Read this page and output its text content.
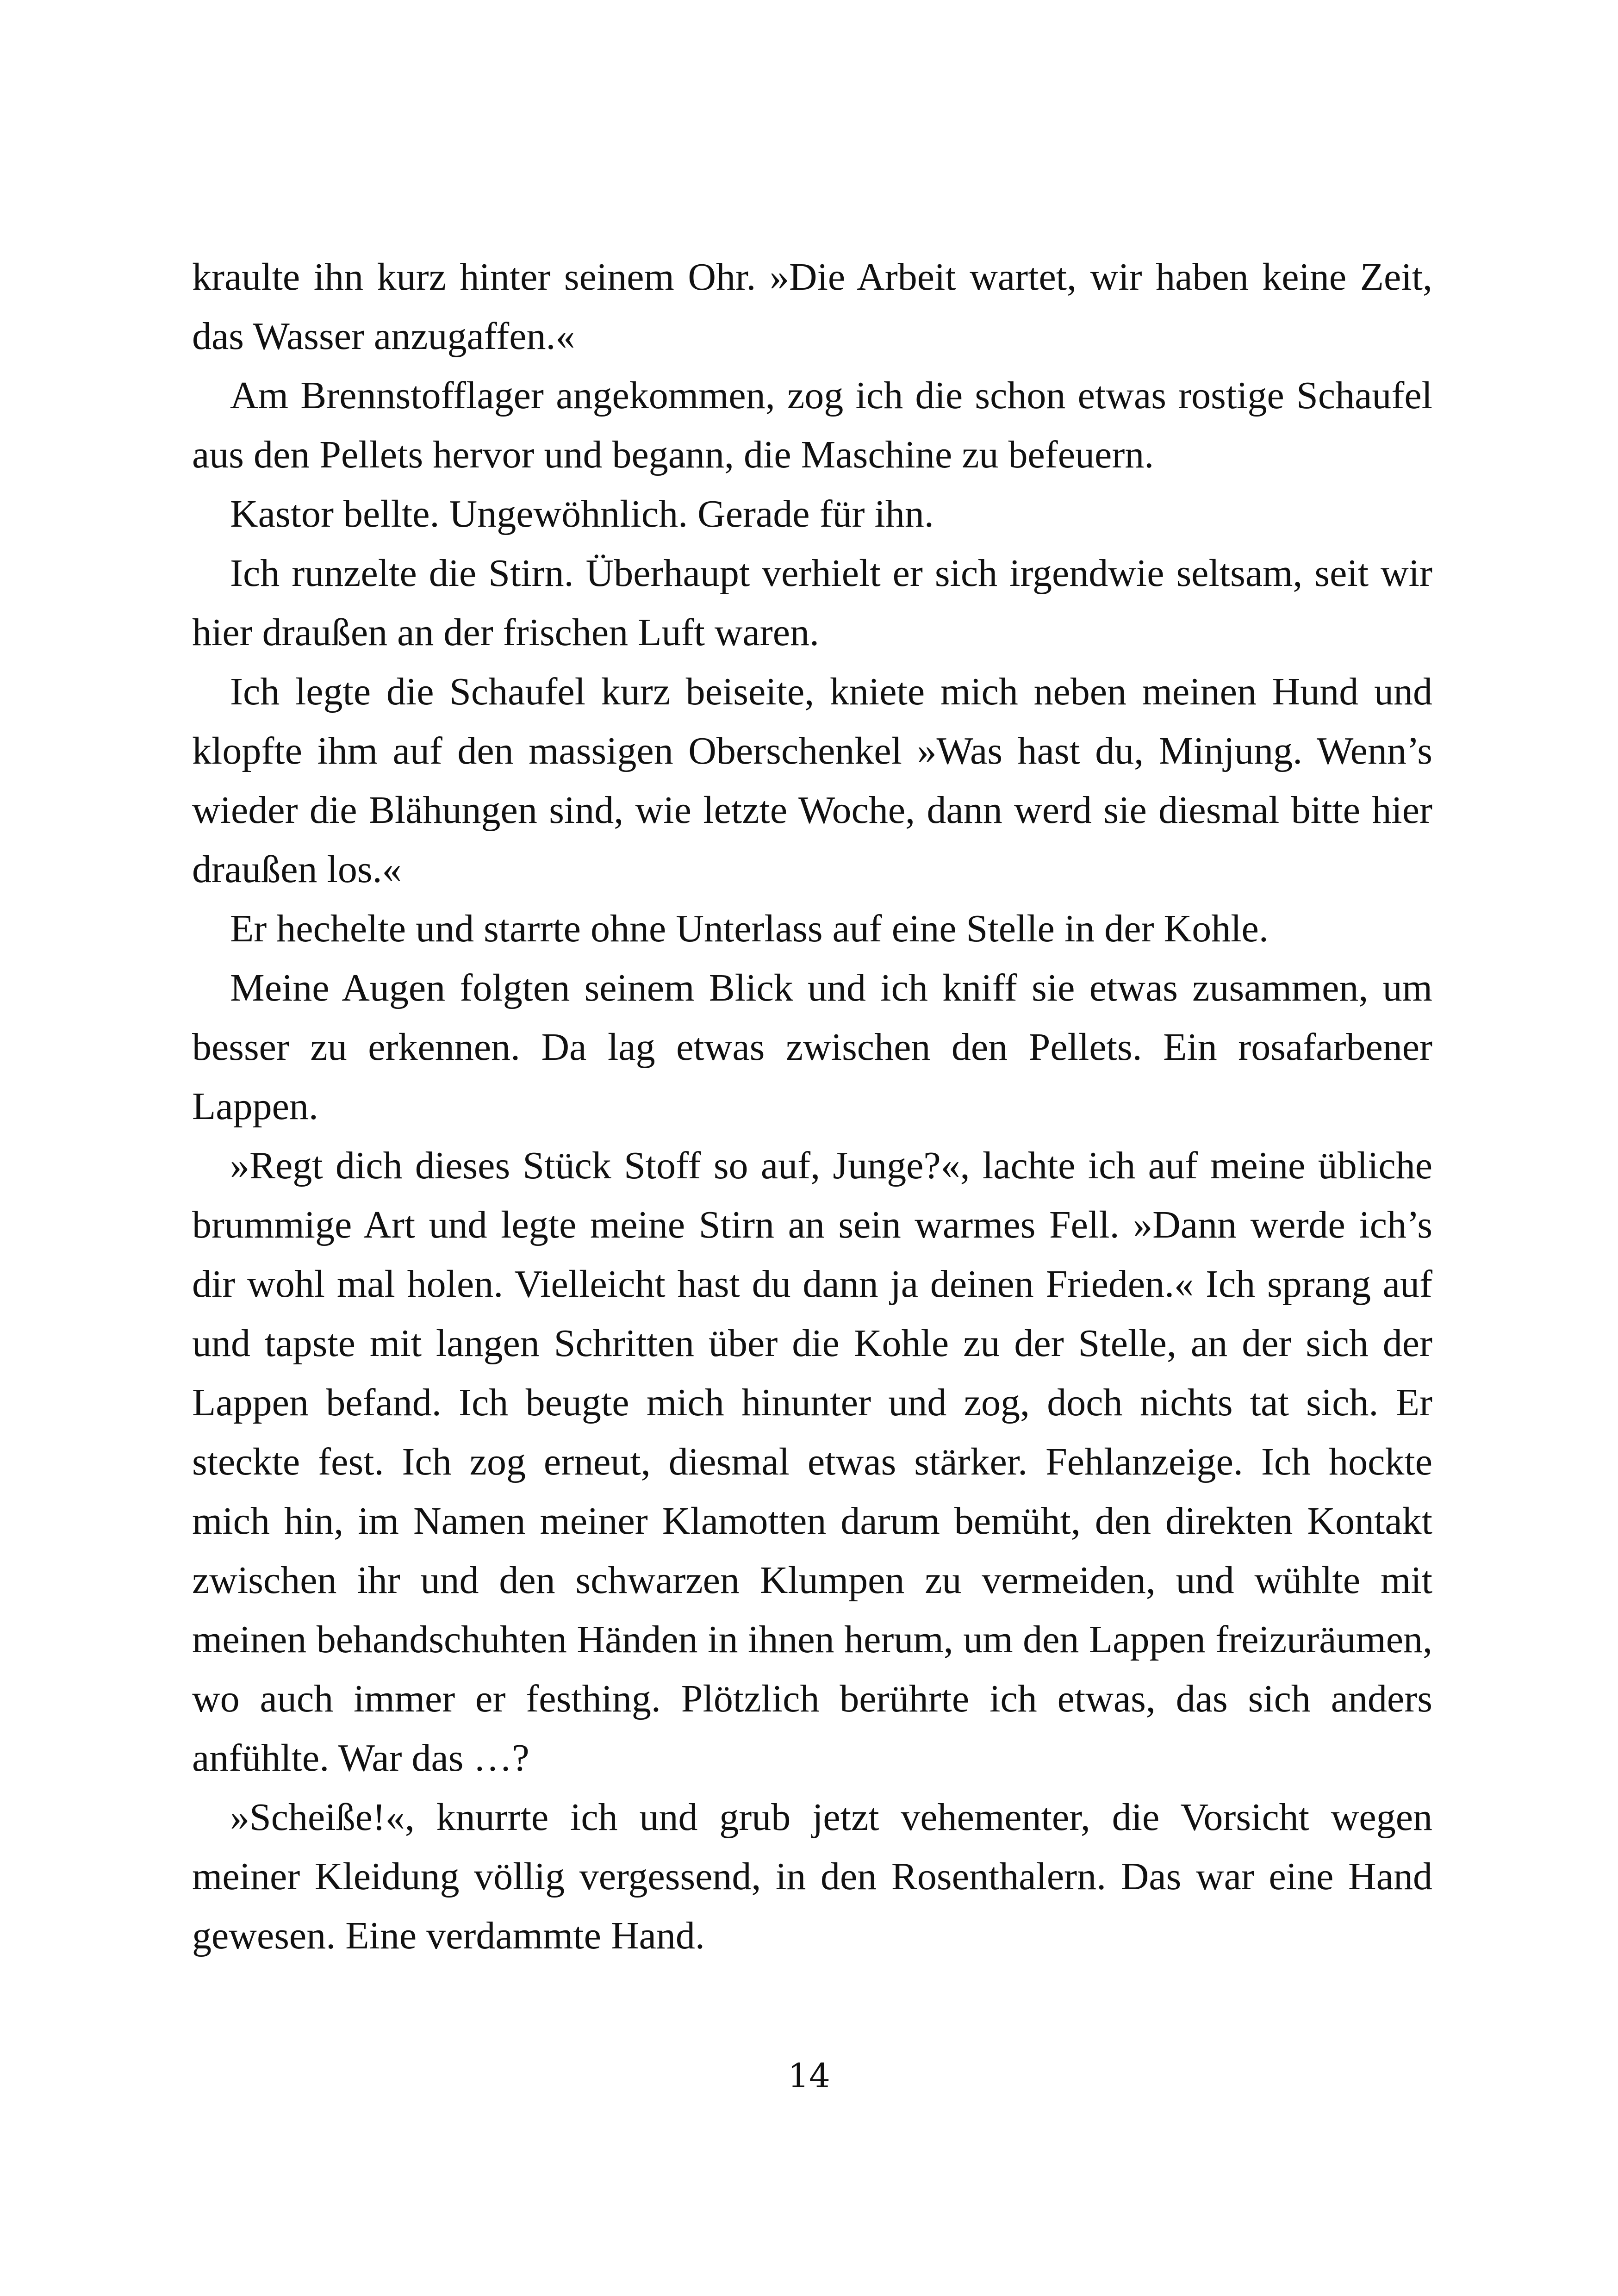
kraulte ihn kurz hinter seinem Ohr. »Die Arbeit wartet, wir haben keine Zeit, das Wasser anzugaffen.«

Am Brennstofflager angekommen, zog ich die schon etwas rostige Schaufel aus den Pellets hervor und begann, die Maschine zu befeuern.

Kastor bellte. Ungewöhnlich. Gerade für ihn.

Ich runzelte die Stirn. Überhaupt verhielt er sich irgendwie seltsam, seit wir hier draußen an der frischen Luft waren.

Ich legte die Schaufel kurz beiseite, kniete mich neben meinen Hund und klopfte ihm auf den massigen Oberschenkel »Was hast du, Minjung. Wenn’s wieder die Blähungen sind, wie letzte Woche, dann werd sie diesmal bitte hier draußen los.«

Er hechelte und starrte ohne Unterlass auf eine Stelle in der Kohle.

Meine Augen folgten seinem Blick und ich kniff sie etwas zusammen, um besser zu erkennen. Da lag etwas zwischen den Pellets. Ein rosafarbener Lappen.

»Regt dich dieses Stück Stoff so auf, Junge?«, lachte ich auf meine übliche brummige Art und legte meine Stirn an sein warmes Fell. »Dann werde ich’s dir wohl mal holen. Vielleicht hast du dann ja deinen Frieden.« Ich sprang auf und tapste mit langen Schritten über die Kohle zu der Stelle, an der sich der Lappen befand. Ich beugte mich hinunter und zog, doch nichts tat sich. Er steckte fest. Ich zog erneut, diesmal etwas stärker. Fehlanzeige. Ich hockte mich hin, im Namen meiner Klamotten darum bemüht, den direkten Kontakt zwischen ihr und den schwarzen Klumpen zu vermeiden, und wühlte mit meinen behandschuhten Händen in ihnen herum, um den Lappen freizuräumen, wo auch immer er festhing. Plötzlich berührte ich etwas, das sich anders anfühlte. War das …?

»Scheiße!«, knurrte ich und grub jetzt vehementer, die Vorsicht wegen meiner Kleidung völlig vergessend, in den Rosenthalern. Das war eine Hand gewesen. Eine verdammte Hand.

14
